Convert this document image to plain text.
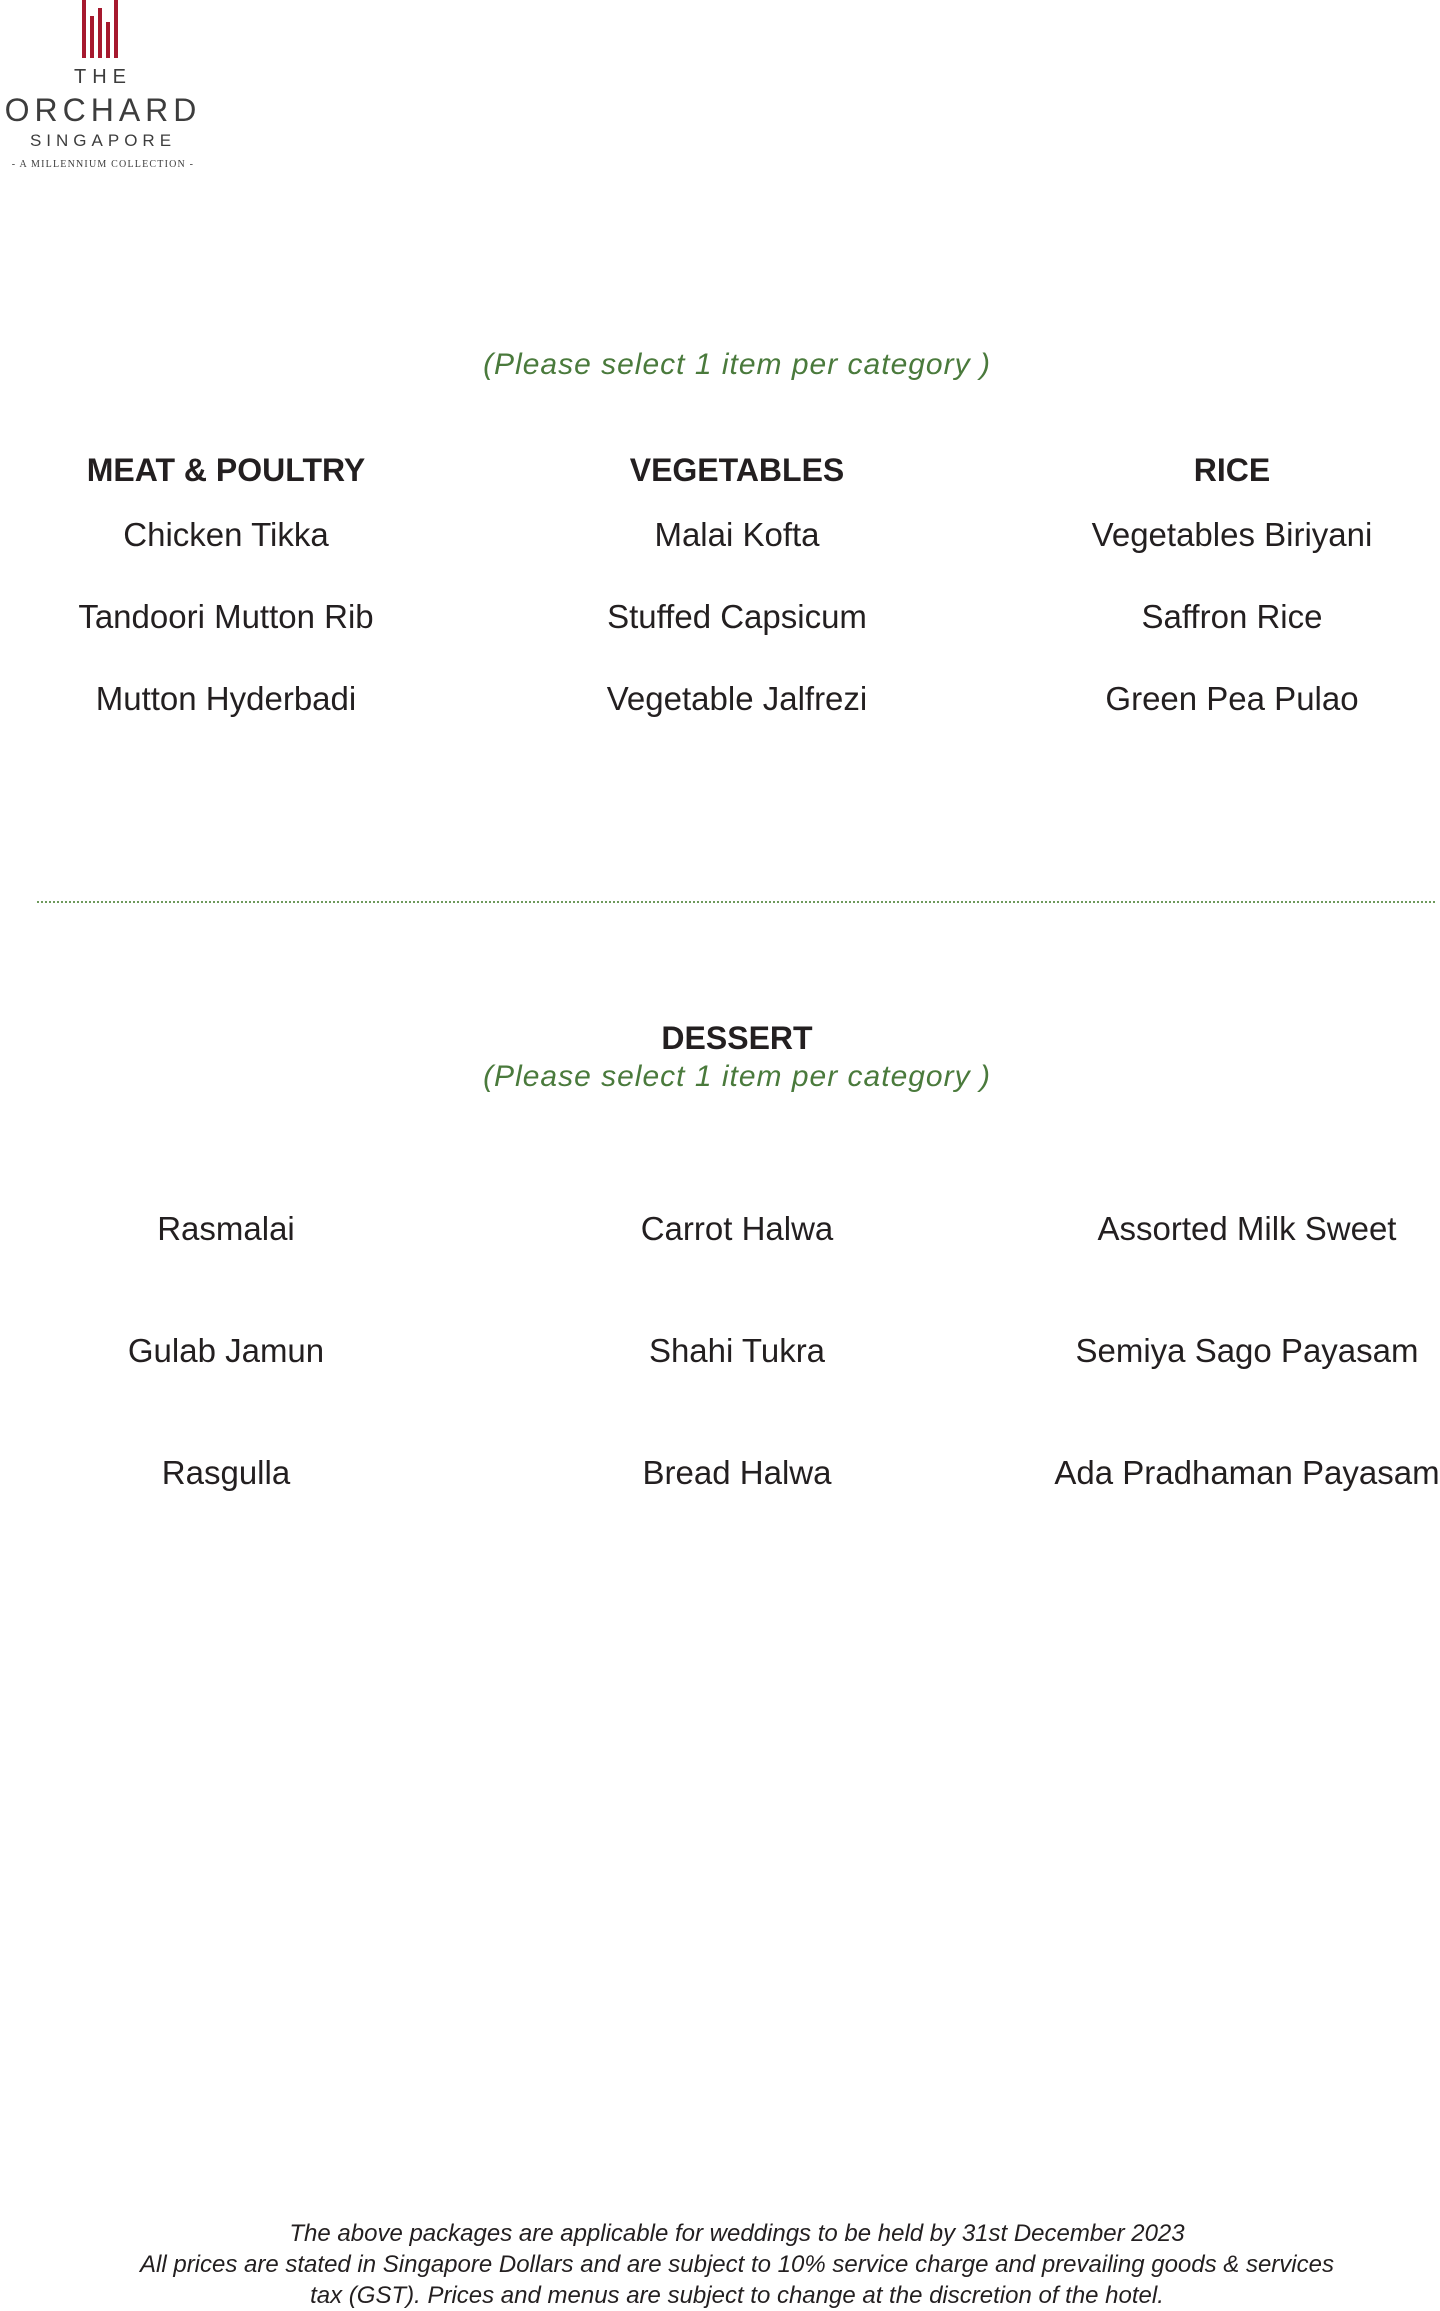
THE
ORCHARD
SINGAPORE
- A MILLENNIUM COLLECTION -
(Please select 1 item per category )
MEAT & POULTRY
Chicken Tikka
Tandoori Mutton Rib
Mutton Hyderbadi
VEGETABLES
Malai Kofta
Stuffed Capsicum
Vegetable Jalfrezi
RICE
Vegetables Biriyani
Saffron Rice
Green Pea Pulao
DESSERT
(Please select 1 item per category )
Rasmalai
Gulab Jamun
Rasgulla
Carrot Halwa
Shahi Tukra
Bread Halwa
Assorted Milk Sweet
Semiya Sago Payasam
Ada Pradhaman Payasam
The above packages are applicable for weddings to be held by 31st December 2023
All prices are stated in Singapore Dollars and are subject to 10% service charge and prevailing goods & services
tax (GST). Prices and menus are subject to change at the discretion of the hotel.
